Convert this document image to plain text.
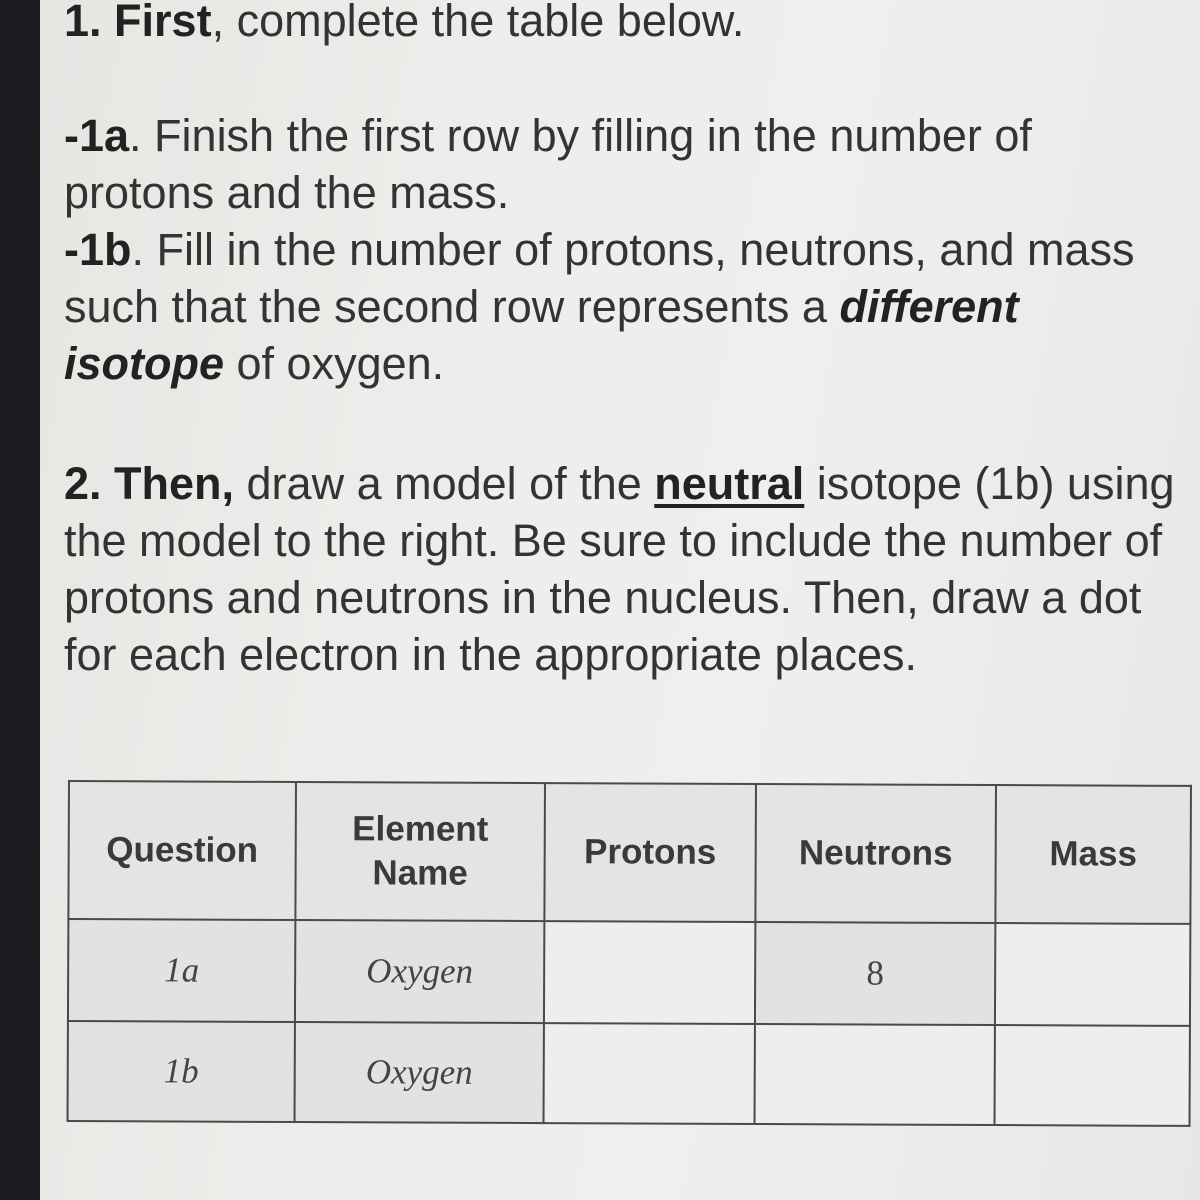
1. First, complete the table below.
-1a. Finish the first row by filling in the number of protons and the mass.
-1b. Fill in the number of protons, neutrons, and mass such that the second row represents a different isotope of oxygen.
2. Then, draw a model of the neutral isotope (1b) using the model to the right. Be sure to include the number of protons and neutrons in the nucleus. Then, draw a dot for each electron in the appropriate places.
Question	Element Name	Protons	Neutrons	Mass
1a	Oxygen		8	
1b	Oxygen			
